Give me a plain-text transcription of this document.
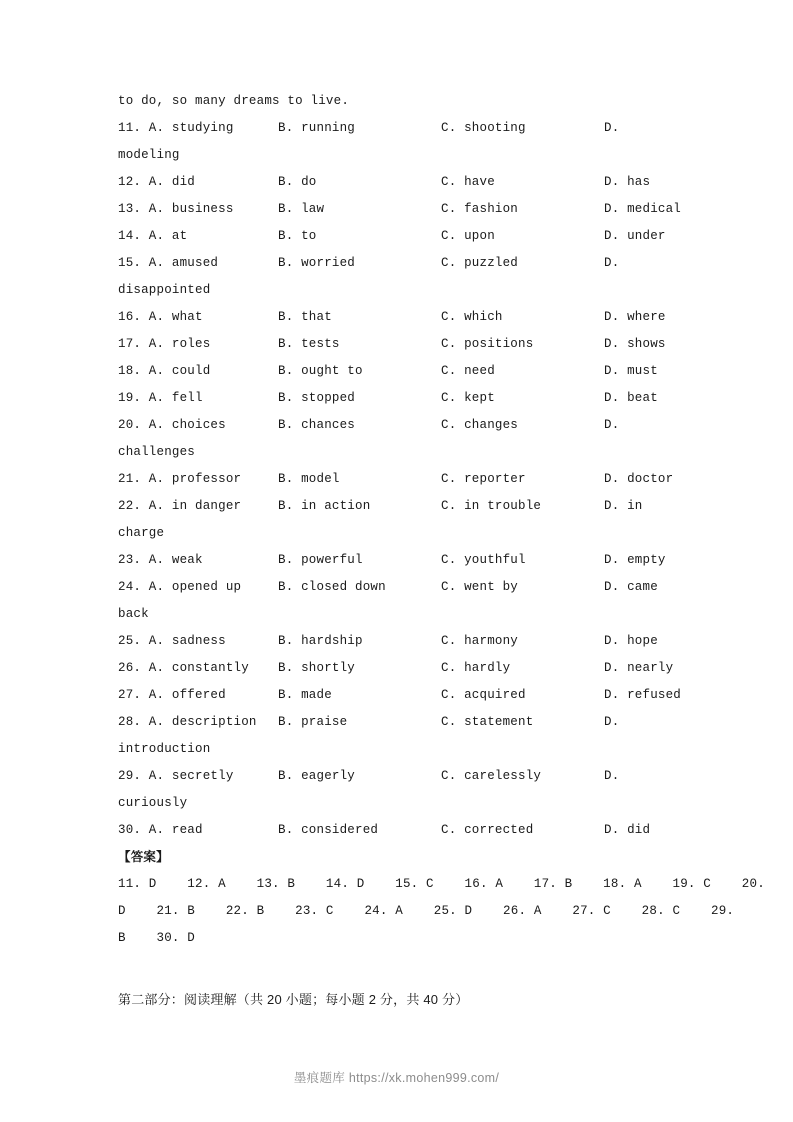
to do, so many dreams to live.
11. A. studying	B. running	C. shooting	D.
modeling
12. A. did	B. do	C. have	D. has
13. A. business	B. law	C. fashion	D. medical
14. A. at	B. to	C. upon	D. under
15. A. amused	B. worried	C. puzzled	D.
disappointed
16. A. what	B. that	C. which	D. where
17. A. roles	B. tests	C. positions	D. shows
18. A. could	B. ought to	C. need	D. must
19. A. fell	B. stopped	C. kept	D. beat
20. A. choices	B. chances	C. changes	D.
challenges
21. A. professor	B. model	C. reporter	D. doctor
22. A. in danger	B. in action	C. in trouble	D. in
charge
23. A. weak	B. powerful	C. youthful	D. empty
24. A. opened up	B. closed down	C. went by	D. came
back
25. A. sadness	B. hardship	C. harmony	D. hope
26. A. constantly	B. shortly	C. hardly	D. nearly
27. A. offered	B. made	C. acquired	D. refused
28. A. description	B. praise	C. statement	D.
introduction
29. A. secretly	B. eagerly	C. carelessly	D.
curiously
30. A. read	B. considered	C. corrected	D. did
【答案】
11. D    12. A    13. B    14. D    15. C    16. A    17. B    18. A    19. C    20.
D    21. B    22. B    23. C    24. A    25. D    26. A    27. C    28. C    29.
B    30. D
第二部分：阅读理解（共 20 小题；每小题 2 分，共 40 分）
墨痕题库 https://xk.mohen999.com/
